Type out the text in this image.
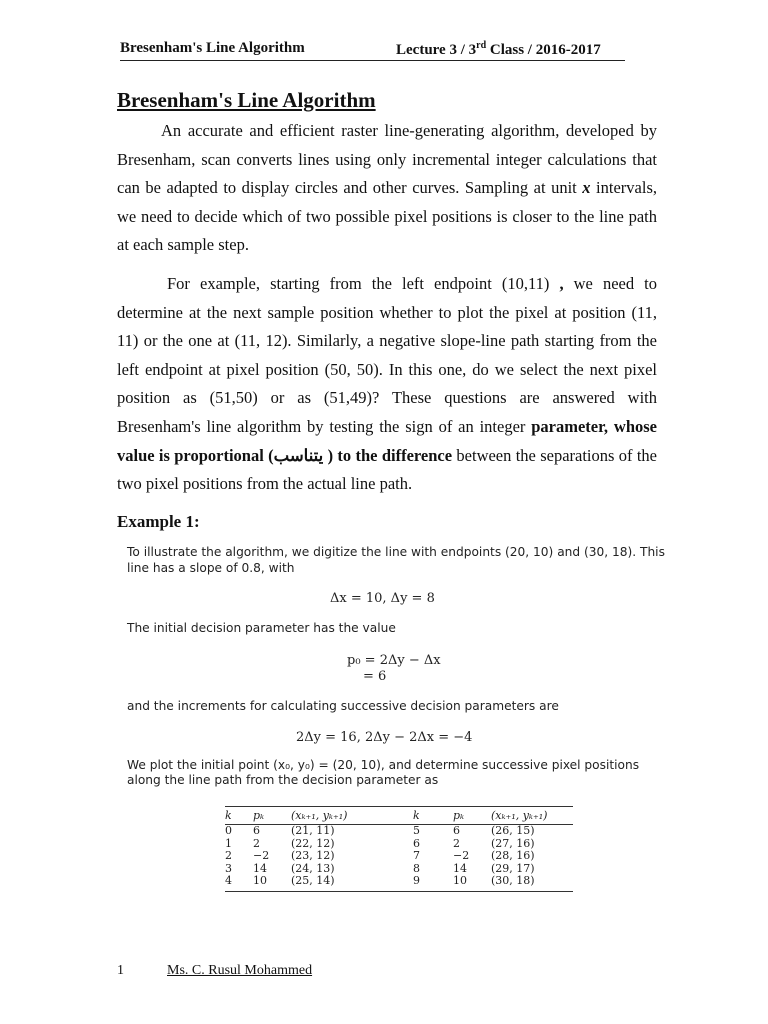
Bresenham's Line Algorithm	Lecture 3 / 3rd Class / 2016-2017
Bresenham's Line Algorithm

An accurate and efficient raster line-generating algorithm, developed by Bresenham, scan converts lines using only incremental integer calculations that can be adapted to display circles and other curves. Sampling at unit x intervals, we need to decide which of two possible pixel positions is closer to the line path at each sample step.

For example, starting from the left endpoint (10,11) , we need to determine at the next sample position whether to plot the pixel at position (11, 11) or the one at (11, 12). Similarly, a negative slope-line path starting from the left endpoint at pixel position (50, 50). In this one, do we select the next pixel position as (51,50) or as (51,49)? These questions are answered with Bresenham's line algorithm by testing the sign of an integer parameter, whose value is proportional (يتناسب ) to the difference between the separations of the two pixel positions from the actual line path.

Example 1:

To illustrate the algorithm, we digitize the line with endpoints (20, 10) and (30, 18). This line has a slope of 0.8, with

Δx = 10, Δy = 8

The initial decision parameter has the value

p₀ = 2Δy − Δx
= 6

and the increments for calculating successive decision parameters are

2Δy = 16, 2Δy − 2Δx = −4

We plot the initial point (x₀, y₀) = (20, 10), and determine successive pixel positions along the line path from the decision parameter as

k	pₖ	(xₖ₊₁, yₖ₊₁)	k	pₖ	(xₖ₊₁, yₖ₊₁)
0	6	(21, 11)	5	6	(26, 15)
1	2	(22, 12)	6	2	(27, 16)
2	−2	(23, 12)	7	−2	(28, 16)
3	14	(24, 13)	8	14	(29, 17)
4	10	(25, 14)	9	10	(30, 18)
1	Ms. C. Rusul Mohammed
